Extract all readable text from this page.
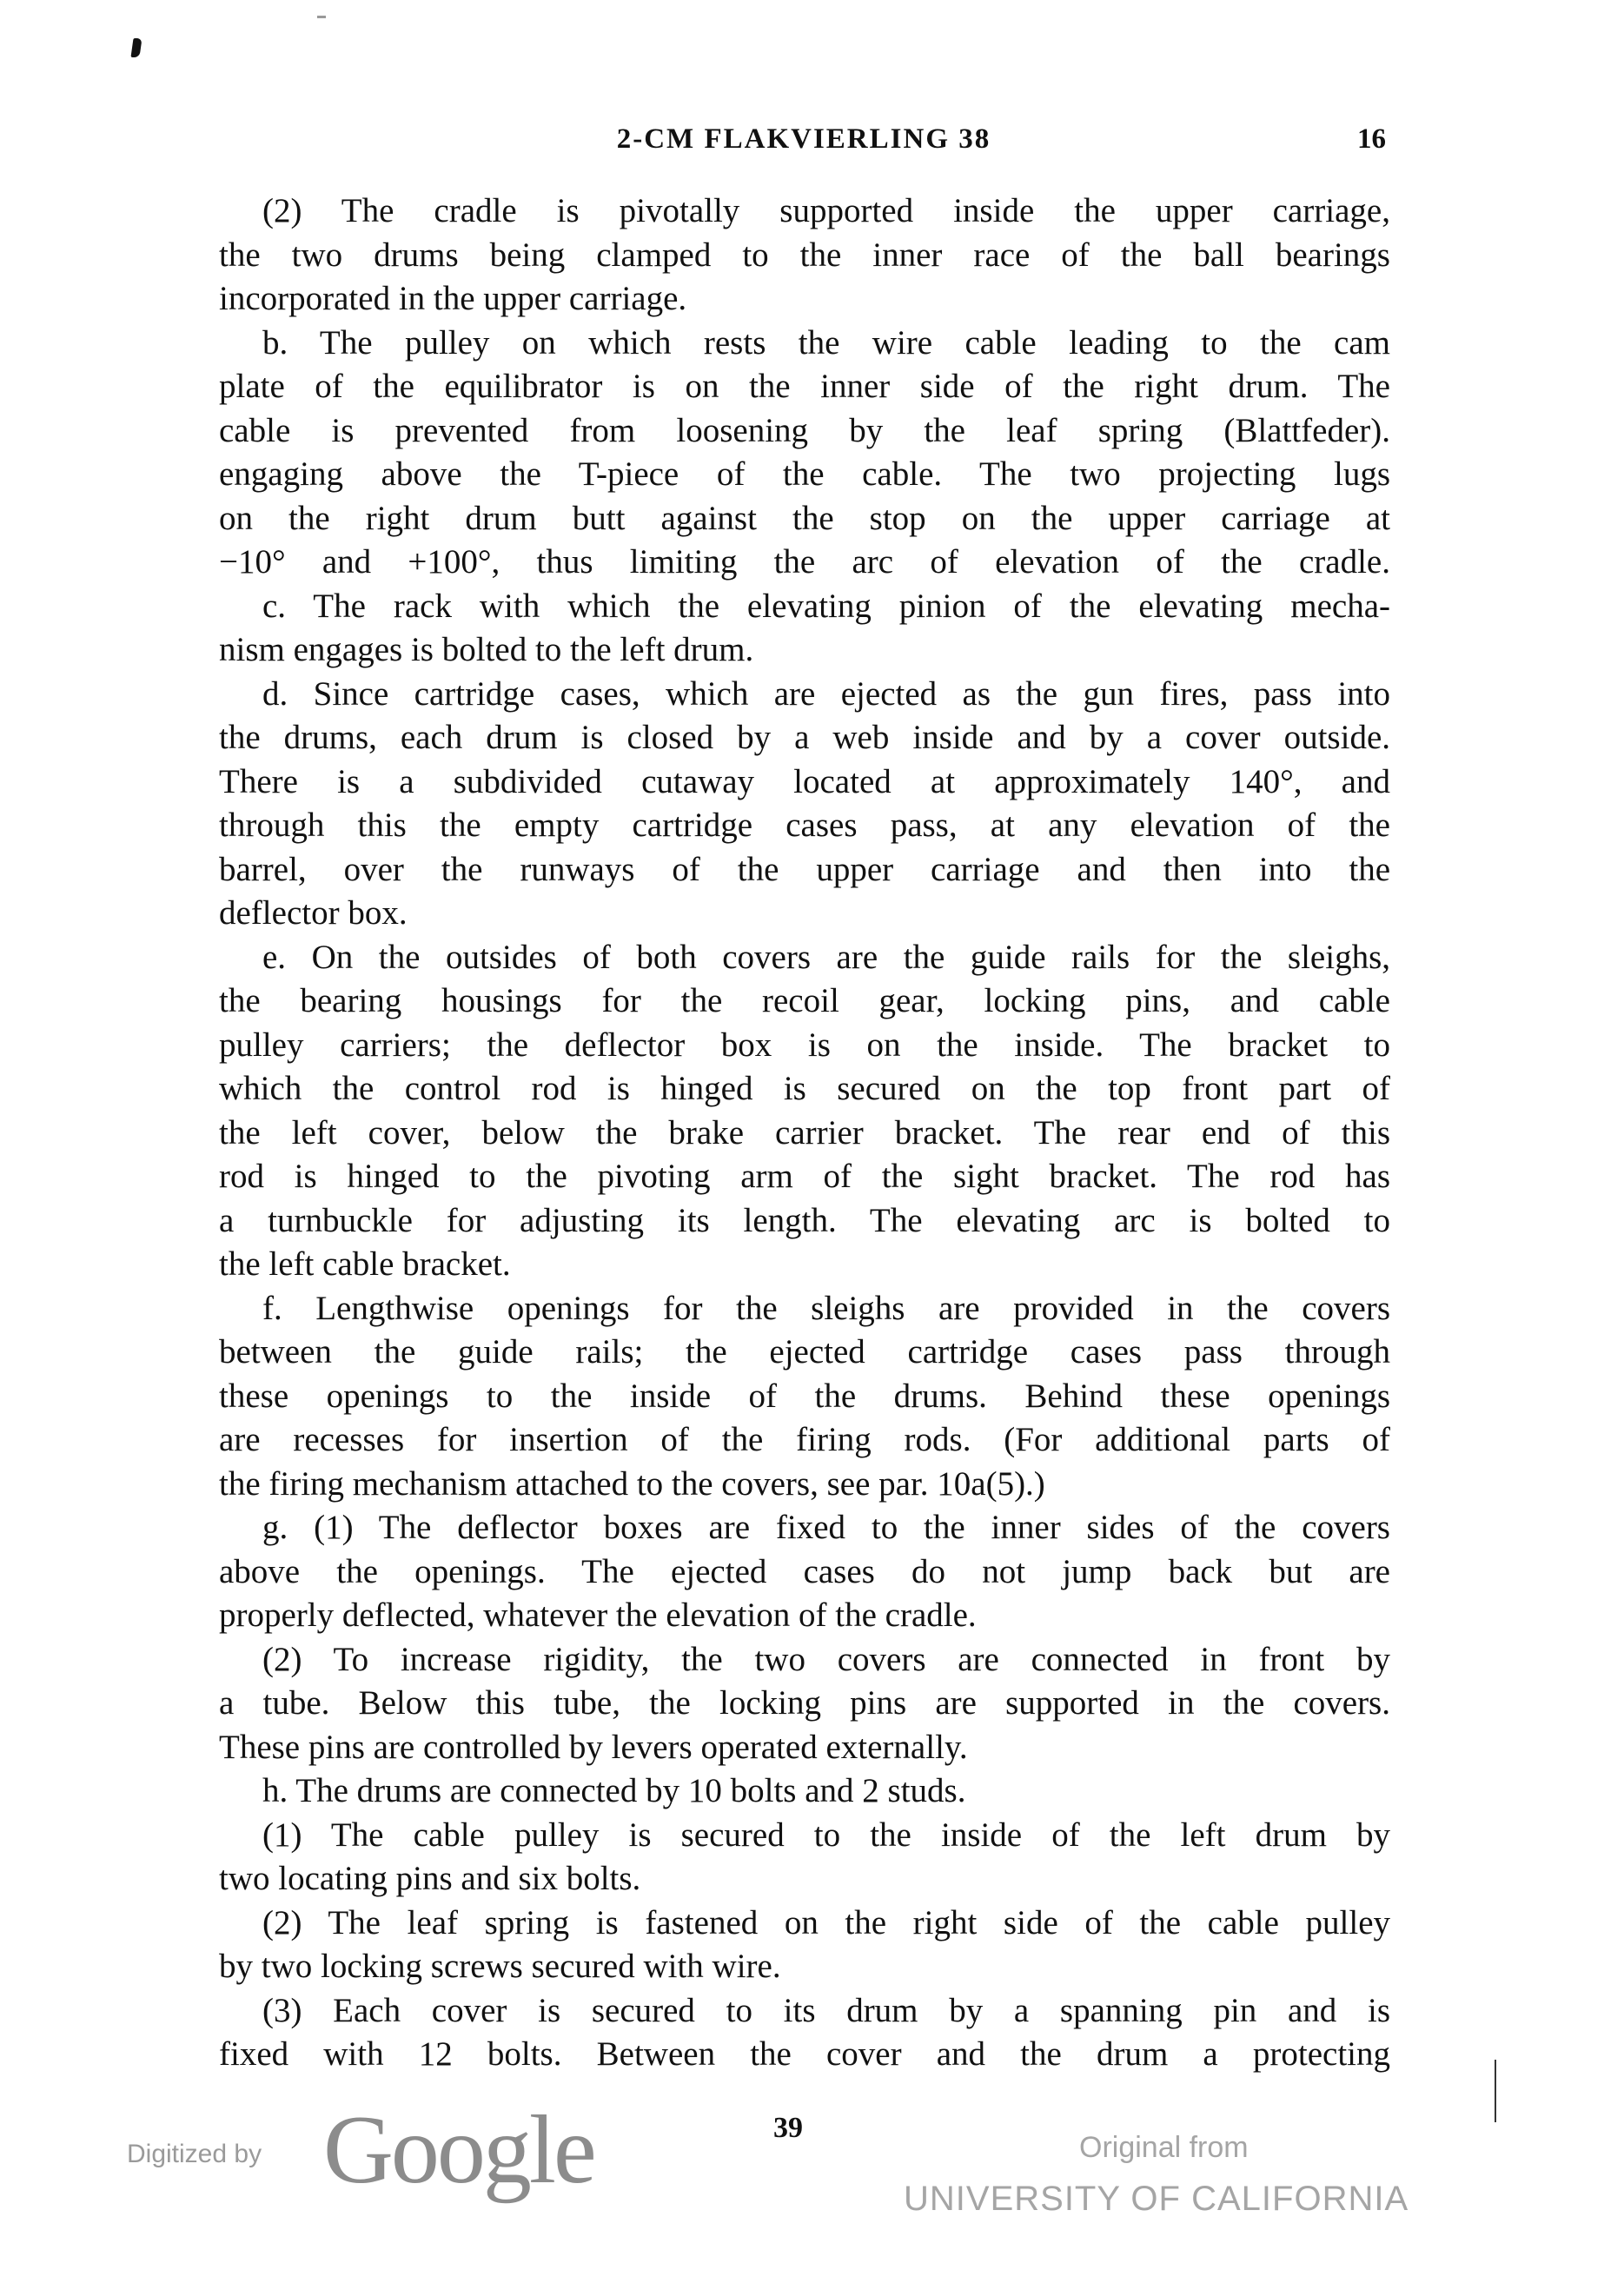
2-CM FLAKVIERLING 38	16
(2) The cradle is pivotally supported inside the upper carriage,
the two drums being clamped to the inner race of the ball bearings
incorporated in the upper carriage.
b. The pulley on which rests the wire cable leading to the cam
plate of the equilibrator is on the inner side of the right drum. The
cable is prevented from loosening by the leaf spring (Blattfeder).
engaging above the T-piece of the cable. The two projecting lugs
on the right drum butt against the stop on the upper carriage at
−10° and +100°, thus limiting the arc of elevation of the cradle.
c. The rack with which the elevating pinion of the elevating mecha-
nism engages is bolted to the left drum.
d. Since cartridge cases, which are ejected as the gun fires, pass into
the drums, each drum is closed by a web inside and by a cover outside.
There is a subdivided cutaway located at approximately 140°, and
through this the empty cartridge cases pass, at any elevation of the
barrel, over the runways of the upper carriage and then into the
deflector box.
e. On the outsides of both covers are the guide rails for the sleighs,
the bearing housings for the recoil gear, locking pins, and cable
pulley carriers; the deflector box is on the inside. The bracket to
which the control rod is hinged is secured on the top front part of
the left cover, below the brake carrier bracket. The rear end of this
rod is hinged to the pivoting arm of the sight bracket. The rod has
a turnbuckle for adjusting its length. The elevating arc is bolted to
the left cable bracket.
f. Lengthwise openings for the sleighs are provided in the covers
between the guide rails; the ejected cartridge cases pass through
these openings to the inside of the drums. Behind these openings
are recesses for insertion of the firing rods. (For additional parts of
the firing mechanism attached to the covers, see par. 10a(5).)
g. (1) The deflector boxes are fixed to the inner sides of the covers
above the openings. The ejected cases do not jump back but are
properly deflected, whatever the elevation of the cradle.
(2) To increase rigidity, the two covers are connected in front by
a tube. Below this tube, the locking pins are supported in the covers.
These pins are controlled by levers operated externally.
h. The drums are connected by 10 bolts and 2 studs.
(1) The cable pulley is secured to the inside of the left drum by
two locating pins and six bolts.
(2) The leaf spring is fastened on the right side of the cable pulley
by two locking screws secured with wire.
(3) Each cover is secured to its drum by a spanning pin and is
fixed with 12 bolts. Between the cover and the drum a protecting
39
Digitized by Google	Original from
UNIVERSITY OF CALIFORNIA
